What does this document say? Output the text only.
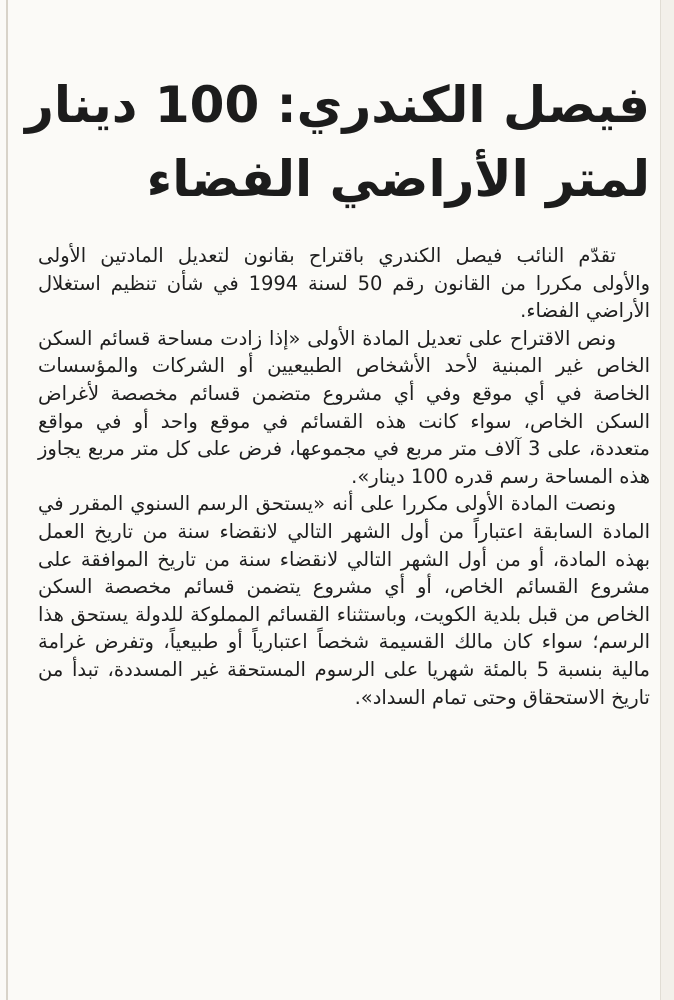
فيصل الكندري: 100 دينار
لمتر الأراضي الفضاء

تقدّم النائب فيصل الكندري باقتراح بقانون لتعديل المادتين الأولى والأولى مكررا من القانون رقم 50 لسنة 1994 في شأن تنظيم استغلال الأراضي الفضاء.

ونص الاقتراح على تعديل المادة الأولى «إذا زادت مساحة قسائم السكن الخاص غير المبنية لأحد الأشخاص الطبيعيين أو الشركات والمؤسسات الخاصة في أي موقع وفي أي مشروع متضمن قسائم مخصصة لأغراض السكن الخاص، سواء كانت هذه القسائم في موقع واحد أو في مواقع متعددة، على 3 آلاف متر مربع في مجموعها، فرض على كل متر مربع يجاوز هذه المساحة رسم قدره 100 دينار».

ونصت المادة الأولى مكررا على أنه «يستحق الرسم السنوي المقرر في المادة السابقة اعتباراً من أول الشهر التالي لانقضاء سنة من تاريخ العمل بهذه المادة، أو من أول الشهر التالي لانقضاء سنة من تاريخ الموافقة على مشروع القسائم الخاص، أو أي مشروع يتضمن قسائم مخصصة السكن الخاص من قبل بلدية الكويت، وباستثناء القسائم المملوكة للدولة يستحق هذا الرسم؛ سواء كان مالك القسيمة شخصاً اعتبارياً أو طبيعياً، وتفرض غرامة مالية بنسبة 5 بالمئة شهريا على الرسوم المستحقة غير المسددة، تبدأ من تاريخ الاستحقاق وحتى تمام السداد».
